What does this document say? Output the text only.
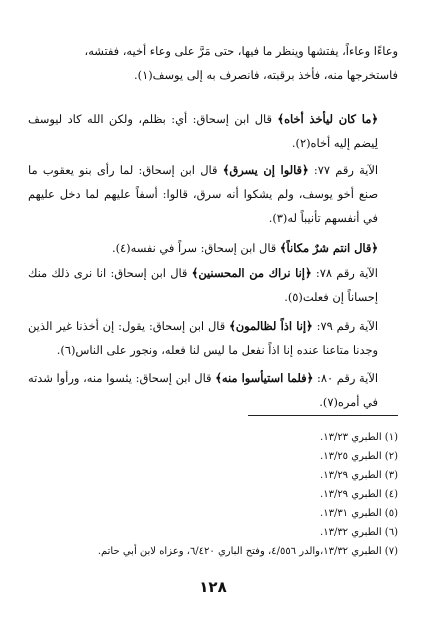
وعاءًا وعاءاً، يفتشها وينظر ما فيها، حتى مَرَّ على وعاء أخيه، ففتشه،
فاستخرجها منه، فأخذ برقبته، فانصرف به إلى يوسف(١).

﴿ما كان ليأخذ أخاه﴾ قال ابن إسحاق: أي: بظلم، ولكن الله كاد ليوسف لِيضم إليه أخاه(٢).

الآية رقم ٧٧: ﴿قالوا إن يسرق﴾ قال ابن إسحاق: لما رأى بنو يعقوب ما صنع أخو يوسف، ولم يشكوا أنه سرق، قالوا: أسفاً عليهم لما دخل عليهم في أنفسهم تأنيباً له(٣).

﴿قال انتم شرٌ مكاناً﴾ قال ابن إسحاق: سراً في نفسه(٤).

الآية رقم ٧٨: ﴿إنا نراك من المحسنين﴾ قال ابن إسحاق: انا نرى ذلك منك إحساناً إن فعلت(٥).

الآية رقم ٧٩: ﴿إنا اذاً لظالمون﴾ قال ابن إسحاق: يقول: إن أخذنا غير الذين وجدنا متاعنا عنده إنا اذاً نفعل ما ليس لنا فعله، ونجور على الناس(٦).

الآية رقم ٨٠: ﴿فلما استيأسوا منه﴾ قال ابن إسحاق: يئسوا منه، ورأوا شدته في أمره(٧).

(١) الطبري ١٣/٢٣.
(٢) الطبري ١٣/٢٥.
(٣) الطبري ١٣/٢٩.
(٤) الطبري ١٣/٢٩.
(٥) الطبري ١٣/٣١.
(٦) الطبري ١٣/٣٢.
(٧) الطبري ١٣/٣٢،والدر ٤/٥٥٦، وفتح الباري ٦/٤٢٠، وعزاه لابن أبي حاتم.
١٢٨
